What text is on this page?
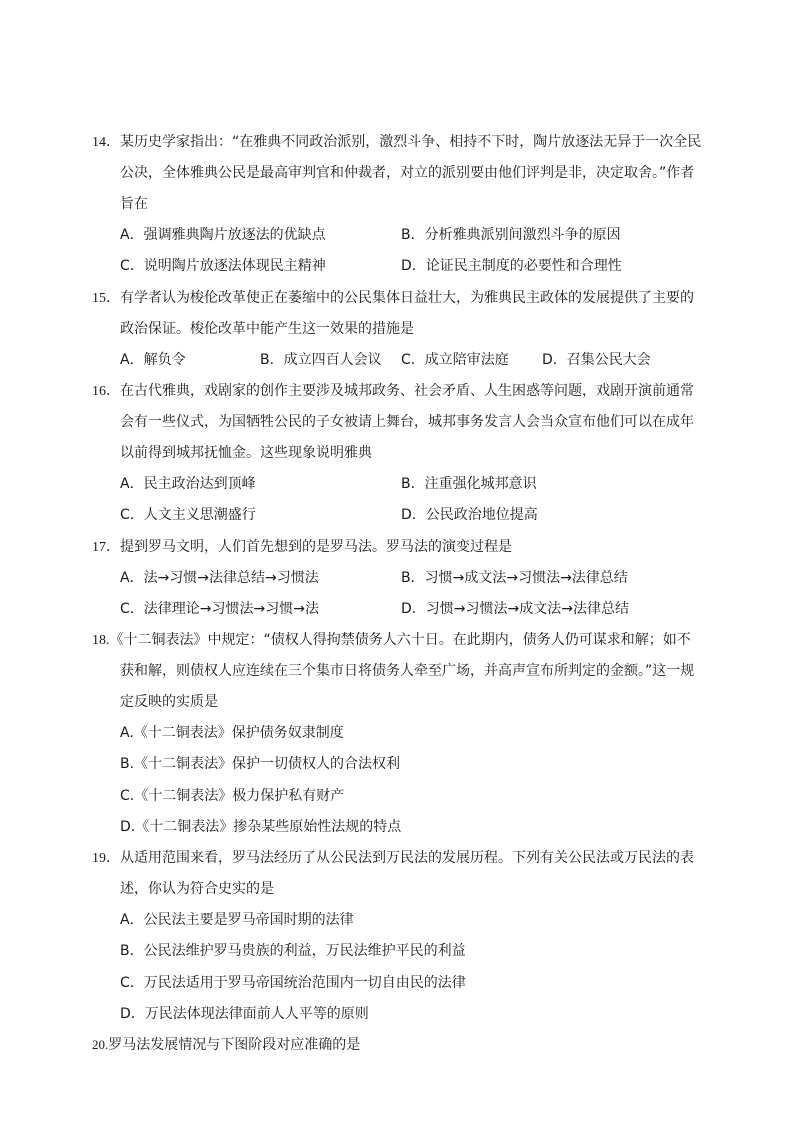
14．某历史学家指出：“在雅典不同政治派别，激烈斗争、相持不下时，陶片放逐法无异于一次全民
公决，全体雅典公民是最高审判官和仲裁者，对立的派别要由他们评判是非，决定取舍。”作者
旨在
A．强调雅典陶片放逐法的优缺点	B．分析雅典派别间激烈斗争的原因
C．说明陶片放逐法体现民主精神	D．论证民主制度的必要性和合理性
15．有学者认为梭伦改革使正在萎缩中的公民集体日益壮大，为雅典民主政体的发展提供了主要的
政治保证。梭伦改革中能产生这一效果的措施是
A．解负令	B．成立四百人会议	C．成立陪审法庭	D．召集公民大会
16．在古代雅典，戏剧家的创作主要涉及城邦政务、社会矛盾、人生困惑等问题，戏剧开演前通常
会有一些仪式，为国牺牲公民的子女被请上舞台，城邦事务发言人会当众宣布他们可以在成年
以前得到城邦抚恤金。这些现象说明雅典
A．民主政治达到顶峰	B．注重强化城邦意识
C．人文主义思潮盛行	D．公民政治地位提高
17．提到罗马文明，人们首先想到的是罗马法。罗马法的演变过程是
A．法→习惯→法律总结→习惯法	B．习惯→成文法→习惯法→法律总结
C．法律理论→习惯法→习惯→法	D．习惯→习惯法→成文法→法律总结
18.《十二铜表法》中规定：“债权人得拘禁债务人六十日。在此期内，债务人仍可谋求和解；如不
获和解，则债权人应连续在三个集市日将债务人牵至广场，并高声宣布所判定的金额。”这一规
定反映的实质是
A.《十二铜表法》保护债务奴隶制度
B.《十二铜表法》保护一切债权人的合法权利
C.《十二铜表法》极力保护私有财产
D.《十二铜表法》掺杂某些原始性法规的特点
19．从适用范围来看，罗马法经历了从公民法到万民法的发展历程。下列有关公民法或万民法的表
述，你认为符合史实的是
A．公民法主要是罗马帝国时期的法律
B．公民法维护罗马贵族的利益，万民法维护平民的利益
C．万民法适用于罗马帝国统治范围内一切自由民的法律
D．万民法体现法律面前人人平等的原则
20.罗马法发展情况与下图阶段对应准确的是
